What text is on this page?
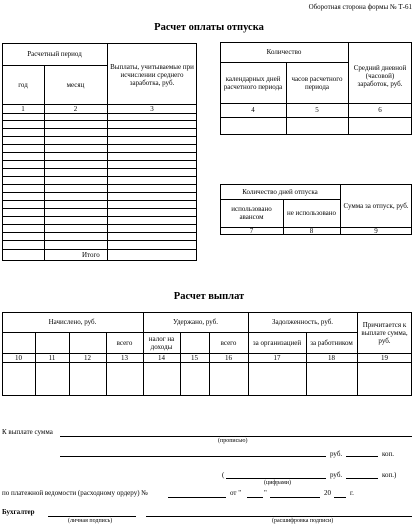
Оборотная сторона формы № Т-61
Расчет оплаты отпуска
Расчетный период
год	месяц
Выплаты, учитываемые при исчислении среднего заработка, руб.
1	2	3
Итого
Количество
календарных дней расчетного периода
часов расчетного периода
Средний дневной (часовой) заработок, руб.
4	5	6
Количество дней отпуска
использовано авансом	не использовано
Сумма за отпуск, руб.
7	8	9
Расчет выплат
Начислено, руб.	Удержано, руб.	Задолженность, руб.	Причитается к выплате сумма, руб.
всего	налог на доходы	всего	за организацией	за работником
10	11	12	13	14	15	16	17	18	19
К выплате сумма
(прописью)
руб.	коп.
(	руб.	коп.)
(цифрами)
по платежной ведомости (расходному ордеру) №	от "	"	20	г.
Бухгалтер
(личная подпись)	(расшифровка подписи)
